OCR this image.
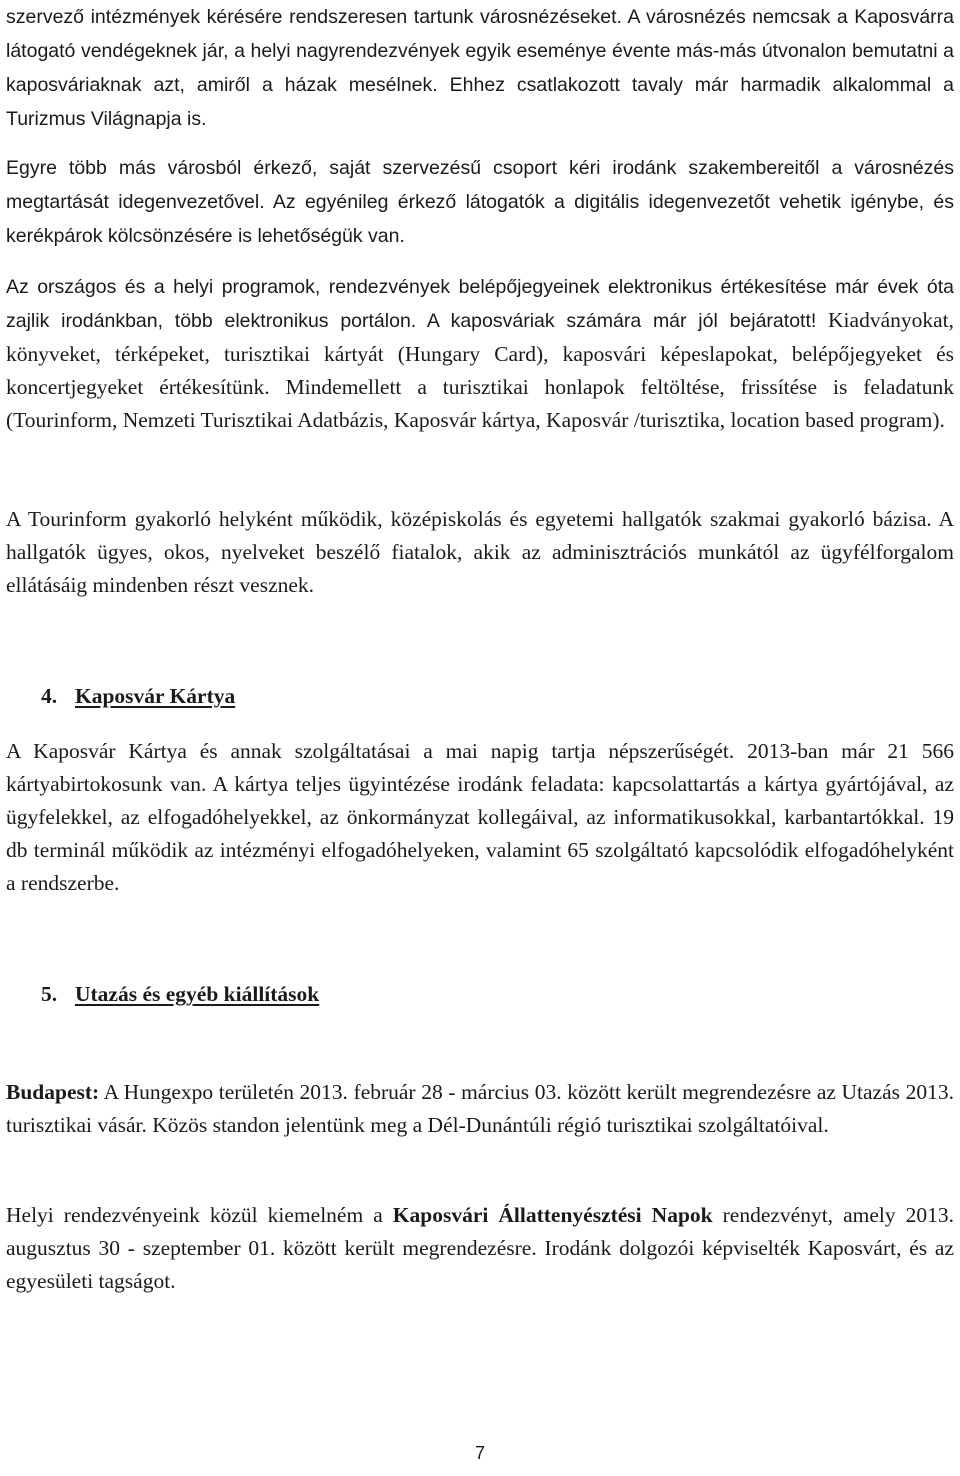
szervező intézmények kérésére rendszeresen tartunk városnézéseket. A városnézés nemcsak a Kaposvárra látogató vendégeknek jár, a helyi nagyrendezvények egyik eseménye évente más-más útvonalon bemutatni a kaposváriaknak azt, amiről a házak mesélnek. Ehhez csatlakozott tavaly már harmadik alkalommal a Turizmus Világnapja is.

Egyre több más városból érkező, saját szervezésű csoport kéri irodánk szakembereitől a városnézés megtartását idegenvezetővel. Az egyénileg érkező látogatók a digitális idegenvezetőt vehetik igénybe, és kerékpárok kölcsönzésére is lehetőségük van.

Az országos és a helyi programok, rendezvények belépőjegyeinek elektronikus értékesítése már évek óta zajlik irodánkban, több elektronikus portálon. A kaposváriak számára már jól bejáratott! Kiadványokat, könyveket, térképeket, turisztikai kártyát (Hungary Card), kaposvári képeslapokat, belépőjegyeket és koncertjegyeket értékesítünk. Mindemellett a turisztikai honlapok feltöltése, frissítése is feladatunk (Tourinform, Nemzeti Turisztikai Adatbázis, Kaposvár kártya, Kaposvár /turisztika, location based program).

A Tourinform gyakorló helyként működik, középiskolás és egyetemi hallgatók szakmai gyakorló bázisa. A hallgatók ügyes, okos, nyelveket beszélő fiatalok, akik az adminisztrációs munkától az ügyfélforgalom ellátásáig mindenben részt vesznek.

4. Kaposvár Kártya

A Kaposvár Kártya és annak szolgáltatásai a mai napig tartja népszerűségét. 2013-ban már 21 566 kártyabirtokosunk van. A kártya teljes ügyintézése irodánk feladata: kapcsolattartás a kártya gyártójával, az ügyfelekkel, az elfogadóhelyekkel, az önkormányzat kollegáival, az informatikusokkal, karbantartókkal. 19 db terminál működik az intézményi elfogadóhelyeken, valamint 65 szolgáltató kapcsolódik elfogadóhelyként a rendszerbe.

5. Utazás és egyéb kiállítások

Budapest: A Hungexpo területén 2013. február 28 - március 03. között került megrendezésre az Utazás 2013. turisztikai vásár. Közös standon jelentünk meg a Dél-Dunántúli régió turisztikai szolgáltatóival.

Helyi rendezvényeink közül kiemelném a Kaposvári Állattenyésztési Napok rendezvényt, amely 2013. augusztus 30 - szeptember 01. között került megrendezésre. Irodánk dolgozói képviselték Kaposvárt, és az egyesületi tagságot.

7
